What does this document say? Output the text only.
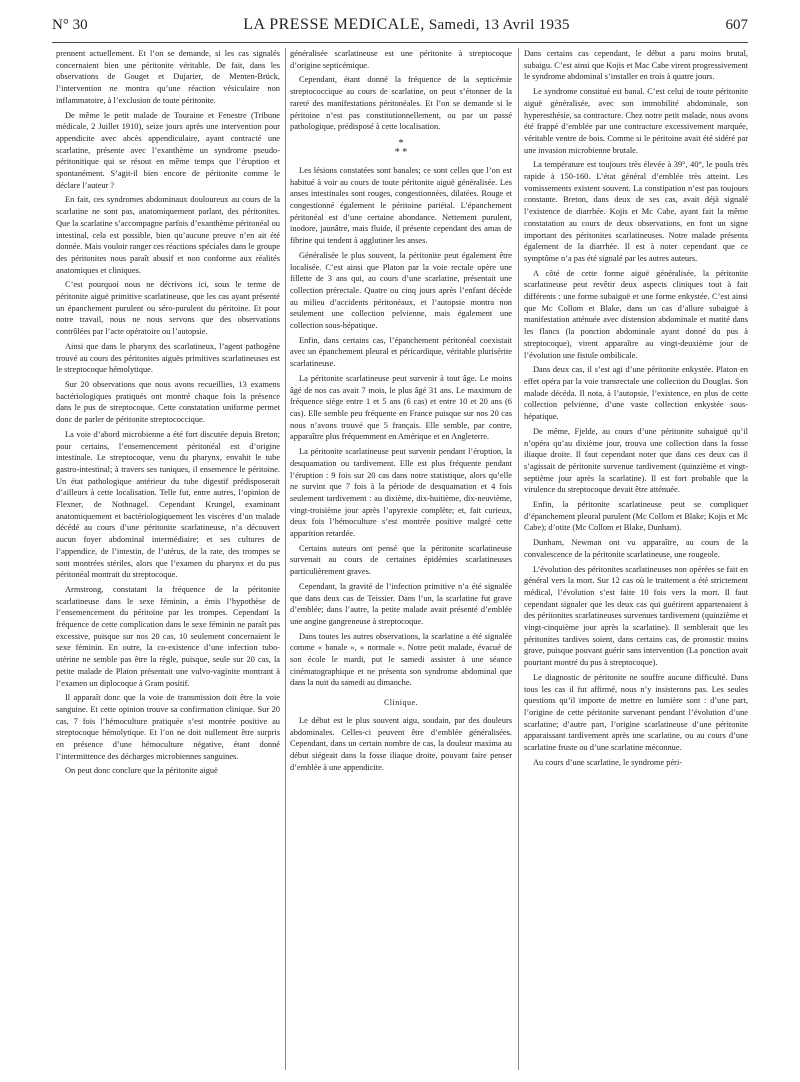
N° 30	LA PRESSE MEDICALE, Samedi, 13 Avril 1935	607

prennent actuellement. Et l’on se demande, si les cas signalés concernaient bien une péritonite véritable. De fait, dans les observations de Gouget et Dujarier, de Menten-Brück, l’intervention ne montra qu’une réaction vésiculaire non inflammatoire, à l’exclusion de toute péritonite.

De même le petit malade de Touraine et Fenestre (Tribune médicale, 2 Juillet 1910), seize jours après une intervention pour appendicite avec abcès appendiculaire, ayant contracté une scarlatine, présente avec l’exanthème un syndrome pseudo-péritonitique qui se résout en même temps que l’éruption et spontanément. S’agit-il bien encore de péritonite comme le déclare l’auteur ?

En fait, ces syndromes abdominaux douloureux au cours de la scarlatine ne sont pas, anatomiquement parlant, des péritonites. Que la scarlatine s’accompagne parfois d’exanthème péritonéal ou intestinal, cela est possible, bien qu’aucune preuve n’en ait été donnée. Mais vouloir ranger ces réactions spéciales dans le groupe des péritonites nous paraît abusif et non conforme aux réalités anatomiques et cliniques.

C’est pourquoi nous ne décrivons ici, sous le terme de péritonite aiguë primitive scarlatineuse, que les cas ayant présenté un épanchement purulent ou séro-purulent du péritoine. Et pour notre travail, nous ne nous servons que des observations contrôlées par l’acte opératoire ou l’autopsie.

Ainsi que dans le pharynx des scarlatineux, l’agent pathogène trouvé au cours des péritonites aiguës primitives scarlatineuses est le streptocoque hémolytique.

Sur 20 observations que nous avons recueillies, 13 examens bactériologiques pratiqués ont montré chaque fois la présence dans le pus de streptocoque. Cette constatation uniforme permet donc de parler de péritonite streptococcique.

La voie d’abord microbienne a été fort discutée depuis Breton; pour certains, l’ensemencement péritonéal est d’origine intestinale. Le streptocoque, venu du pharynx, envahit le tube gastro-intestinal; à travers ses tuniques, il ensemence le péritoine. Un état pathologique antérieur du tube digestif prédisposerait d’ailleurs à cette localisation. Telle fut, entre autres, l’opinion de Flexner, de Nothnagel. Cependant Krungel, examinant anatomiquement et bactériologiquement les viscères d’un malade décédé au cours d’une péritonite scarlatineuse, n’a découvert aucun foyer abdominal intermédiaire; et ses cultures de l’appendice, de l’intestin, de l’utérus, de la rate, des trompes se sont montrées stériles, alors que l’examen du pharynx et du pus péritonéal montrait du streptocoque.

Armstrong, constatant la fréquence de la péritonite scarlatineuse dans le sexe féminin, a émis l’hypothèse de l’ensemencement du péritoine par les trompes. Cependant la fréquence de cette complication dans le sexe féminin ne paraît pas excessive, puisque sur nos 20 cas, 10 seulement concernaient le sexe féminin. En outre, la co-existence d’une infection tubo-utérine ne semble pas être la règle, puisque, seule sur 20 cas, la petite malade de Platon présentait une vulvo-vaginite montrant à l’examen un diplocoque à Gram positif.

Il apparaît donc que la voie de transmission doit être la voie sanguine. Et cette opinion trouve sa confirmation clinique. Sur 20 cas, 7 fois l’hémoculture pratiquée s’est montrée positive au streptocoque hémolytique. Et l’on ne doit nullement être surpris en présence d’une hémoculture négative, étant donné l’intermittence des décharges microbiennes sanguines.

On peut donc conclure que la péritonite aiguë

généralisée scarlatineuse est une péritonite à streptocoque d’origine septicémique.

Cependant, étant donné la fréquence de la septicémie streptococcique au cours de scarlatine, on peut s’étonner de la rareté des manifestations péritonéales. Et l’on se demande si le péritoine n’est pas constitutionnellement, ou par un passé pathologique, prédisposé à cette localisation.

*
* *

Les lésions constatées sont banales; ce sont celles que l’on est habitué à voir au cours de toute péritonite aiguë généralisée. Les anses intestinales sont rouges, congestionnées, dilatées. Rouge et congestionné également le péritoine pariétal. L’épanchement péritonéal est d’une certaine abondance. Nettement purulent, inodore, jaunâtre, mais fluide, il présente cependant des amas de fibrine qui tendent à agglutiner les anses.

Généralisée le plus souvent, la péritonite peut également être localisée. C’est ainsi que Platon par la voie rectale opère une fillette de 3 ans qui, au cours d’une scarlatine, présentait une collection prérectale. Quatre ou cinq jours après l’enfant décède au milieu d’accidents péritonéaux, et l’autopsie montra non seulement une collection pelvienne, mais également une collection sous-hépatique.

Enfin, dans certains cas, l’épanchement péritonéal coexistait avec un épanchement pleural et péricardique, véritable plurisérite scarlatineuse.

La péritonite scarlatineuse peut survenir à tout âge. Le moins âgé de nos cas avait 7 mois, le plus âgé 31 ans. Le maximum de fréquence siège entre 1 et 5 ans (6 cas) et entre 10 et 20 ans (6 cas). Elle semble peu fréquente en France puisque sur nos 20 cas nous n’avons trouvé que 5 français. Elle semble, par contre, apparaître plus fréquemment en Amérique et en Angleterre.

La péritonite scarlatineuse peut survenir pendant l’éruption, la desquamation ou tardivement. Elle est plus fréquente pendant l’éruption : 9 fois sur 20 cas dans notre statistique, alors qu’elle ne survint que 7 fois à la période de desquamation et 4 fois seulement tardivement : au dixième, dix-huitième, dix-neuvième, vingt-troisième jour après l’apyrexie complète; et, fait curieux, deux fois l’hémoculture s’est montrée positive malgré cette apparition retardée.

Certains auteurs ont pensé que la péritonite scarlatineuse survenait au cours de certaines épidémies scarlatineuses particulièrement graves.

Cependant, la gravité de l’infection primitive n’a été signalée que dans deux cas de Teissier. Dans l’un, la scarlatine fut grave d’emblée; dans l’autre, la petite malade avait présenté d’emblée une angine gangreneuse à streptocoque.

Dans toutes les autres observations, la scarlatine a été signalée comme « banale », « normale ». Notre petit malade, évacué de son école le mardi, put le samedi assister à une séance cinématographique et ne présenta son syndrome abdominal que dans la nuit du samedi au dimanche.

Clinique.

Le début est le plus souvent aigu, soudain, par des douleurs abdominales. Celles-ci peuvent être d’emblée généralisées. Cependant, dans un certain nombre de cas, la douleur maxima au début siégeait dans la fosse iliaque droite, pouvant faire penser d’emblée à une appendicite.

Dans certains cas cependant, le début a paru moins brutal, subaigu. C’est ainsi que Kojis et Mac Cabe virent progressivement le syndrome abdominal s’installer en trois à quatre jours.

Le syndrome constitué est banal. C’est celui de toute péritonite aiguë généralisée, avec son immobilité abdominale, son hyperesthésie, sa contracture. Chez notre petit malade, nous avons été frappé d’emblée par une contracture excessivement marquée, véritable ventre de bois. Comme si le péritoine avait été sidéré par une invasion microbienne brutale.

La température est toujours très élevée à 39°, 40°, le pouls très rapide à 150-160. L’état général d’emblée très atteint. Les vomissements existent souvent. La constipation n’est pas toujours constante. Breton, dans deux de ses cas, avait déjà signalé l’existence de diarrhée. Kojis et Mc Cabe, ayant fait la même constatation au cours de deux observations, en font un signe important des péritonites scarlatineuses. Notre malade présenta également de la diarrhée. Il est à noter cependant que ce symptôme n’a pas été signalé par les autres auteurs.

A côté de cette forme aiguë généralisée, la péritonite scarlatineuse peut revêtir deux aspects cliniques tout à fait différents : une forme subaiguë et une forme enkystée. C’est ainsi que Mc Collom et Blake, dans un cas d’allure subaiguë à manifestation atténuée avec distension abdominale et matité dans les flancs (la ponction abdominale ayant donné du pus à streptocoque), virent apparaître au vingt-deuxième jour de l’évolution une fistule ombilicale.

Dans deux cas, il s’est agi d’une péritonite enkystée. Platon en effet opéra par la voie transrectale une collection du Douglas. Son malade décéda. Il nota, à l’autopsie, l’existence, en plus de cette collection pelvienne, d’une vaste collection enkystée sous-hépatique.

De même, Fjelde, au cours d’une péritonite subaiguë qu’il n’opéra qu’au dixième jour, trouva une collection dans la fosse iliaque droite. Il faut cependant noter que dans ces deux cas il s’agissait de péritonite survenue tardivement (quinzième et vingt-septième jour après la scarlatine). Il est fort probable que la virulence du streptocoque devait être atténuée.

Enfin, la péritonite scarlatineuse peut se compliquer d’épanchement pleural purulent (Mc Collom et Blake; Kojis et Mc Cabe); d’otite (Mc Collom et Blake, Dunham).

Dunham, Newman ont vu apparaître, au cours de la convalescence de la péritonite scarlatineuse, une rougeole.

L’évolution des péritonites scarlatineuses non opérées se fait en général vers la mort. Sur 12 cas où le traitement a été strictement médical, l’évolution s’est faite 10 fois vers la mort. Il faut cependant signaler que les deux cas qui guérirent appartenaient à des péritonites scarlatineuses survenues tardivement (quinzième et vingt-cinquième jour après la scarlatine). Il semblerait que les péritonites tardives soient, dans certains cas, de pronostic moins grave, puisque pouvant guérir sans intervention (La ponction avait pourtant montré du pus à streptocoque).

Le diagnostic de péritonite ne souffre aucune difficulté. Dans tous les cas il fut affirmé, nous n’y insisterons pas. Les seules questions qu’il importe de mettre en lumière sont : d’une part, l’origine de cette péritonite survenant pendant l’évolution d’une scarlatine; d’autre part, l’origine scarlatineuse d’une péritonite apparaissant tardivement après une scarlatine, ou au cours d’une scarlatine fruste ou d’une scarlatine méconnue.

Au cours d’une scarlatine, le syndrome péri-
